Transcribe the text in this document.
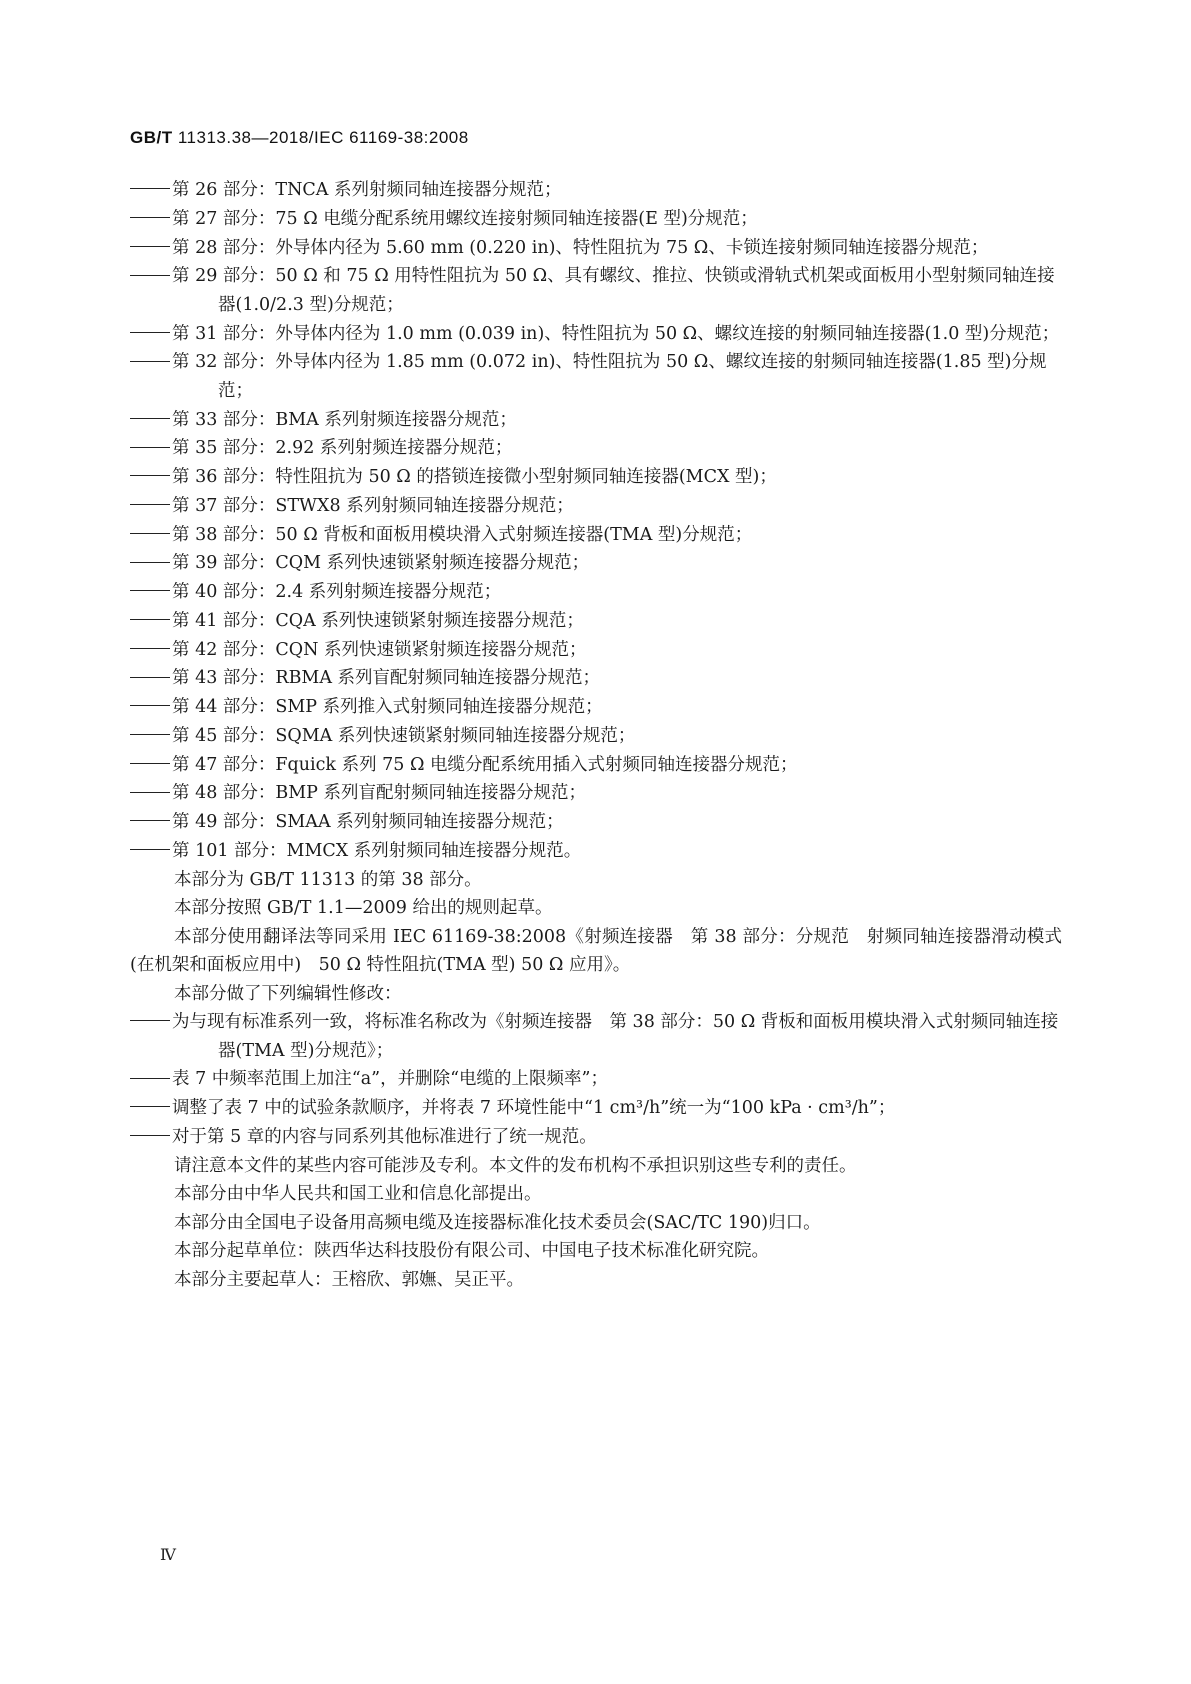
GB/T 11313.38—2018/IEC 61169-38:2008

第 26 部分：TNCA 系列射频同轴连接器分规范；

第 27 部分：75 Ω 电缆分配系统用螺纹连接射频同轴连接器(E 型)分规范；

第 28 部分：外导体内径为 5.60 mm (0.220 in)、特性阻抗为 75 Ω、卡锁连接射频同轴连接器分规范；

第 29 部分：50 Ω 和 75 Ω 用特性阻抗为 50 Ω、具有螺纹、推拉、快锁或滑轨式机架或面板用小型射频同轴连接器(1.0/2.3 型)分规范；

第 31 部分：外导体内径为 1.0 mm (0.039 in)、特性阻抗为 50 Ω、螺纹连接的射频同轴连接器(1.0 型)分规范；

第 32 部分：外导体内径为 1.85 mm (0.072 in)、特性阻抗为 50 Ω、螺纹连接的射频同轴连接器(1.85 型)分规范；

第 33 部分：BMA 系列射频连接器分规范；

第 35 部分：2.92 系列射频连接器分规范；

第 36 部分：特性阻抗为 50 Ω 的搭锁连接微小型射频同轴连接器(MCX 型)；

第 37 部分：STWX8 系列射频同轴连接器分规范；

第 38 部分：50 Ω 背板和面板用模块滑入式射频连接器(TMA 型)分规范；

第 39 部分：CQM 系列快速锁紧射频连接器分规范；

第 40 部分：2.4 系列射频连接器分规范；

第 41 部分：CQA 系列快速锁紧射频连接器分规范；

第 42 部分：CQN 系列快速锁紧射频连接器分规范；

第 43 部分：RBMA 系列盲配射频同轴连接器分规范；

第 44 部分：SMP 系列推入式射频同轴连接器分规范；

第 45 部分：SQMA 系列快速锁紧射频同轴连接器分规范；

第 47 部分：Fquick 系列 75 Ω 电缆分配系统用插入式射频同轴连接器分规范；

第 48 部分：BMP 系列盲配射频同轴连接器分规范；

第 49 部分：SMAA 系列射频同轴连接器分规范；

第 101 部分：MMCX 系列射频同轴连接器分规范。

本部分为 GB/T 11313 的第 38 部分。

本部分按照 GB/T 1.1—2009 给出的规则起草。

本部分使用翻译法等同采用 IEC 61169-38:2008《射频连接器　第 38 部分：分规范　射频同轴连接器滑动模式(在机架和面板应用中)　50 Ω 特性阻抗(TMA 型) 50 Ω 应用》。

本部分做了下列编辑性修改：

为与现有标准系列一致，将标准名称改为《射频连接器　第 38 部分：50 Ω 背板和面板用模块滑入式射频同轴连接器(TMA 型)分规范》；

表 7 中频率范围上加注“a”，并删除“电缆的上限频率”；

调整了表 7 中的试验条款顺序，并将表 7 环境性能中“1 cm³/h”统一为“100 kPa · cm³/h”；

对于第 5 章的内容与同系列其他标准进行了统一规范。

请注意本文件的某些内容可能涉及专利。本文件的发布机构不承担识别这些专利的责任。

本部分由中华人民共和国工业和信息化部提出。

本部分由全国电子设备用高频电缆及连接器标准化技术委员会(SAC/TC 190)归口。

本部分起草单位：陕西华达科技股份有限公司、中国电子技术标准化研究院。

本部分主要起草人：王榕欣、郭嫵、吴正平。

Ⅳ
